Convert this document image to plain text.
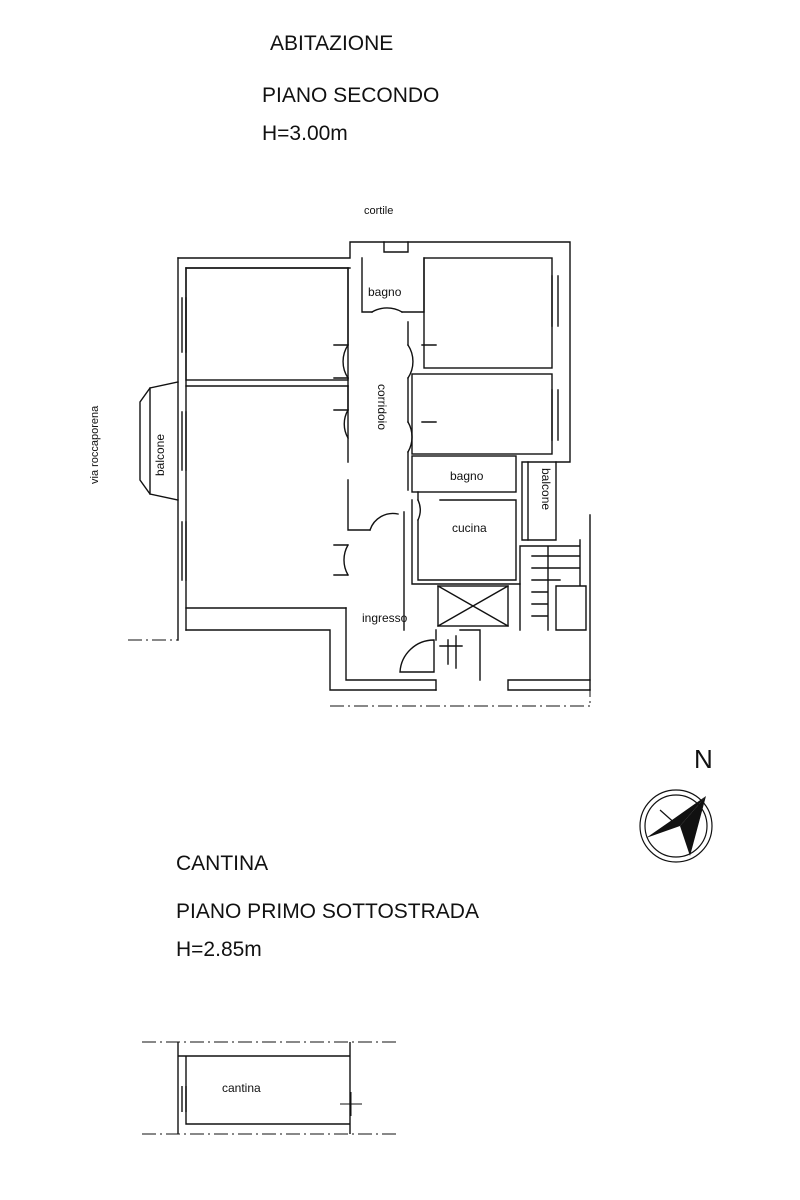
ABITAZIONE
PIANO SECONDO
H=3.00m
cortile
bagno
corridoio
bagno
cucina
ingresso
balcone
balcone
via roccaporena
N
CANTINA
PIANO PRIMO SOTTOSTRADA
H=2.85m
cantina
